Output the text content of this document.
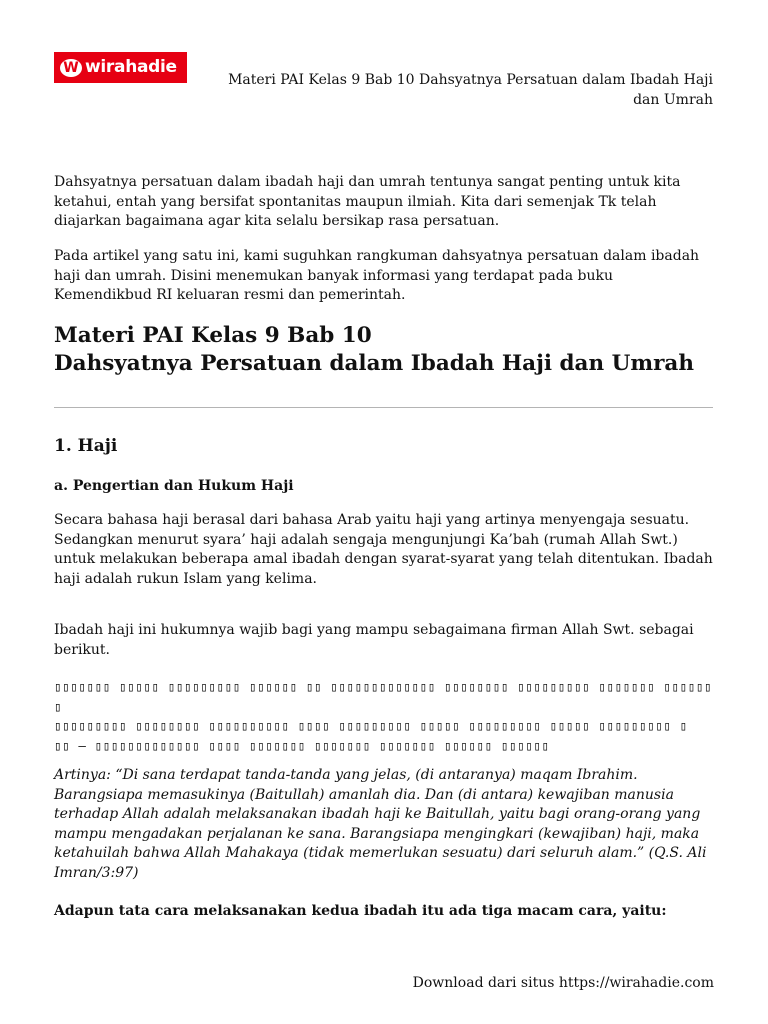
W wirahadie
Materi PAI Kelas 9 Bab 10 Dahsyatnya Persatuan dalam Ibadah Haji dan Umrah

Dahsyatnya persatuan dalam ibadah haji dan umrah tentunya sangat penting untuk kita ketahui, entah yang bersifat spontanitas maupun ilmiah. Kita dari semenjak Tk telah diajarkan bagaimana agar kita selalu bersikap rasa persatuan.

Pada artikel yang satu ini, kami suguhkan rangkuman dahsyatnya persatuan dalam ibadah haji dan umrah. Disini menemukan banyak informasi yang terdapat pada buku Kemendikbud RI keluaran resmi dan pemerintah.

Materi PAI Kelas 9 Bab 10
Dahsyatnya Persatuan dalam Ibadah Haji dan Umrah
1. Haji
a. Pengertian dan Hukum Haji

Secara bahasa haji berasal dari bahasa Arab yaitu haji yang artinya menyengaja sesuatu. Sedangkan menurut syara’ haji adalah sengaja mengunjungi Ka’bah (rumah Allah Swt.) untuk melakukan beberapa amal ibadah dengan syarat-syarat yang telah ditentukan. Ibadah haji adalah rukun Islam yang kelima.

Ibadah haji ini hukumnya wajib bagi yang mampu sebagaimana firman Allah Swt. sebagai berikut.

▯▯▯▯▯▯▯ ▯▯▯▯▯ ▯▯▯▯▯▯▯▯▯ ▯▯▯▯▯▯ ▯▯ ▯▯▯▯▯▯▯▯▯▯▯▯▯ ▯▯▯▯▯▯▯▯ ▯▯▯▯▯▯▯▯▯ ▯▯▯▯▯▯▯ ▯▯▯▯▯▯ ▯
▯▯▯▯▯▯▯▯▯ ▯▯▯▯▯▯▯▯ ▯▯▯▯▯▯▯▯▯▯ ▯▯▯▯ ▯▯▯▯▯▯▯▯▯ ▯▯▯▯▯ ▯▯▯▯▯▯▯▯▯ ▯▯▯▯▯ ▯▯▯▯▯▯▯▯▯ ▯
▯▯ – ▯▯▯▯▯▯▯▯▯▯▯▯▯ ▯▯▯▯ ▯▯▯▯▯▯▯ ▯▯▯▯▯▯▯ ▯▯▯▯▯▯▯ ▯▯▯▯▯▯ ▯▯▯▯▯▯

Artinya: “Di sana terdapat tanda-tanda yang jelas, (di antaranya) maqam Ibrahim. Barangsiapa memasukinya (Baitullah) amanlah dia. Dan (di antara) kewajiban manusia terhadap Allah adalah melaksanakan ibadah haji ke Baitullah, yaitu bagi orang-orang yang mampu mengadakan perjalanan ke sana. Barangsiapa mengingkari (kewajiban) haji, maka ketahuilah bahwa Allah Mahakaya (tidak memerlukan sesuatu) dari seluruh alam.” (Q.S. Ali Imran/3:97)

Adapun tata cara melaksanakan kedua ibadah itu ada tiga macam cara, yaitu:

Download dari situs https://wirahadie.com
